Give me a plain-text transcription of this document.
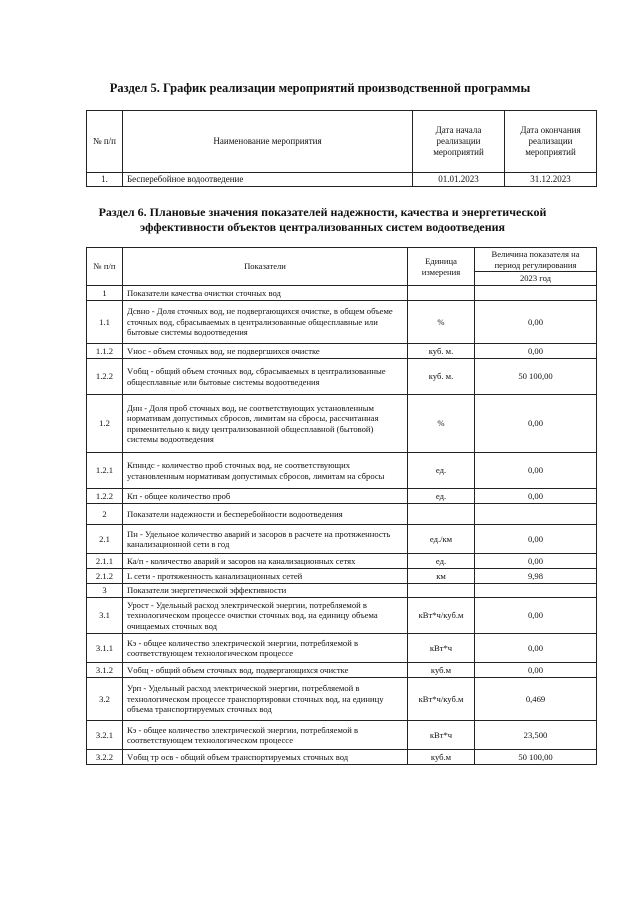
Раздел 5. График реализации мероприятий производственной программы
№ п/п	Наименование мероприятия	Дата начала реализации мероприятий	Дата окончания реализации мероприятий
1.	Бесперебойное водоотведение	01.01.2023	31.12.2023
Раздел 6. Плановые значения показателей надежности, качества и энергетической эффективности объектов централизованных систем водоотведения
№ п/п	Показатели	Единица измерения	Величина показателя на период регулирования
			2023 год
1	Показатели качества очистки сточных вод		
1.1	Дсвно - Доля сточных вод, не подвергающихся очистке, в общем объеме сточных вод, сбрасываемых в централизованные общесплавные или бытовые системы водоотведения	%	0,00
1.1.2	Vнос - объем сточных вод, не подвергшихся очистке	куб. м.	0,00
1.2.2	Vобщ - общий объем сточных вод, сбрасываемых в централизованные общесплавные или бытовые системы водоотведения	куб. м.	50 100,00
1.2	Днн - Доля проб сточных вод, не соответствующих установленным нормативам допустимых сбросов, лимитам на сбросы, рассчитанная применительно к виду централизованной общесплавной (бытовой) системы водоотведения	%	0,00
1.2.1	Кпнндс - количество проб сточных вод, не соответствующих установленным нормативам допустимых сбросов, лимитам на сбросы	ед.	0,00
1.2.2	Кп - общее количество проб	ед.	0,00
2	Показатели надежности и бесперебойности водоотведения		
2.1	Пн - Удельное количество аварий и засоров в расчете на протяженность канализационной сети в год	ед./км	0,00
2.1.1	Ка/п - количество аварий и засоров на канализационных сетях	ед.	0,00
2.1.2	L сети - протяженность канализационных сетей	км	9,98
3	Показатели энергетической эффективности		
3.1	Урост - Удельный расход электрической энергии, потребляемой в технологическом процессе очистки сточных вод, на единицу объема очищаемых сточных вод	кВт*ч/куб.м	0,00
3.1.1	Кэ - общее количество электрической энергии, потребляемой в соответствующем технологическом процессе	кВт*ч	0,00
3.1.2	Vобщ - общий объем сточных вод, подвергающихся очистке	куб.м	0,00
3.2	Урп - Удельный расход электрической энергии, потребляемой в технологическом процессе транспортировки сточных вод, на единицу объема транспортируемых сточных вод	кВт*ч/куб.м	0,469
3.2.1	Кэ - общее количество электрической энергии, потребляемой в соответствующем технологическом процессе	кВт*ч	23,500
3.2.2	Vобщ тр осв - общий объем транспортируемых сточных вод	куб.м	50 100,00
